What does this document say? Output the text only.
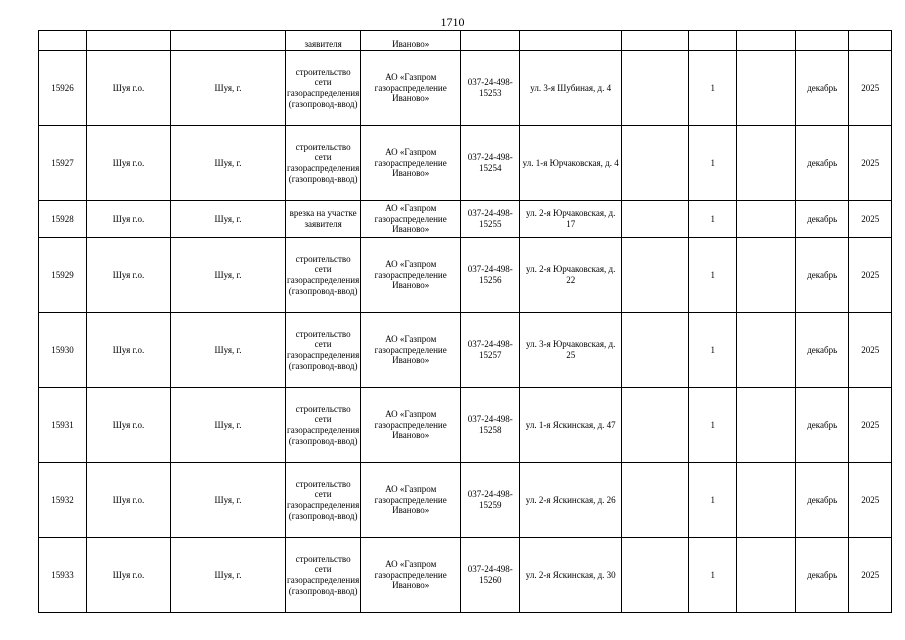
1710
			заявителя	Иваново»							
15926	Шуя г.о.	Шуя, г.	строительство сети газораспределения (газопровод-ввод)	АО «Газпром газораспределение Иваново»	037-24-498-15253	ул. 3-я Шубиная, д. 4		1		декабрь	2025
15927	Шуя г.о.	Шуя, г.	строительство сети газораспределения (газопровод-ввод)	АО «Газпром газораспределение Иваново»	037-24-498-15254	ул. 1-я Юрчаковская, д. 4		1		декабрь	2025
15928	Шуя г.о.	Шуя, г.	врезка на участке заявителя	АО «Газпром газораспределение Иваново»	037-24-498-15255	ул. 2-я Юрчаковская, д. 17		1		декабрь	2025
15929	Шуя г.о.	Шуя, г.	строительство сети газораспределения (газопровод-ввод)	АО «Газпром газораспределение Иваново»	037-24-498-15256	ул. 2-я Юрчаковская, д. 22		1		декабрь	2025
15930	Шуя г.о.	Шуя, г.	строительство сети газораспределения (газопровод-ввод)	АО «Газпром газораспределение Иваново»	037-24-498-15257	ул. 3-я Юрчаковская, д. 25		1		декабрь	2025
15931	Шуя г.о.	Шуя, г.	строительство сети газораспределения (газопровод-ввод)	АО «Газпром газораспределение Иваново»	037-24-498-15258	ул. 1-я Яскинская, д. 47		1		декабрь	2025
15932	Шуя г.о.	Шуя, г.	строительство сети газораспределения (газопровод-ввод)	АО «Газпром газораспределение Иваново»	037-24-498-15259	ул. 2-я Яскинская, д. 26		1		декабрь	2025
15933	Шуя г.о.	Шуя, г.	строительство сети газораспределения (газопровод-ввод)	АО «Газпром газораспределение Иваново»	037-24-498-15260	ул. 2-я Яскинская, д. 30		1		декабрь	2025
